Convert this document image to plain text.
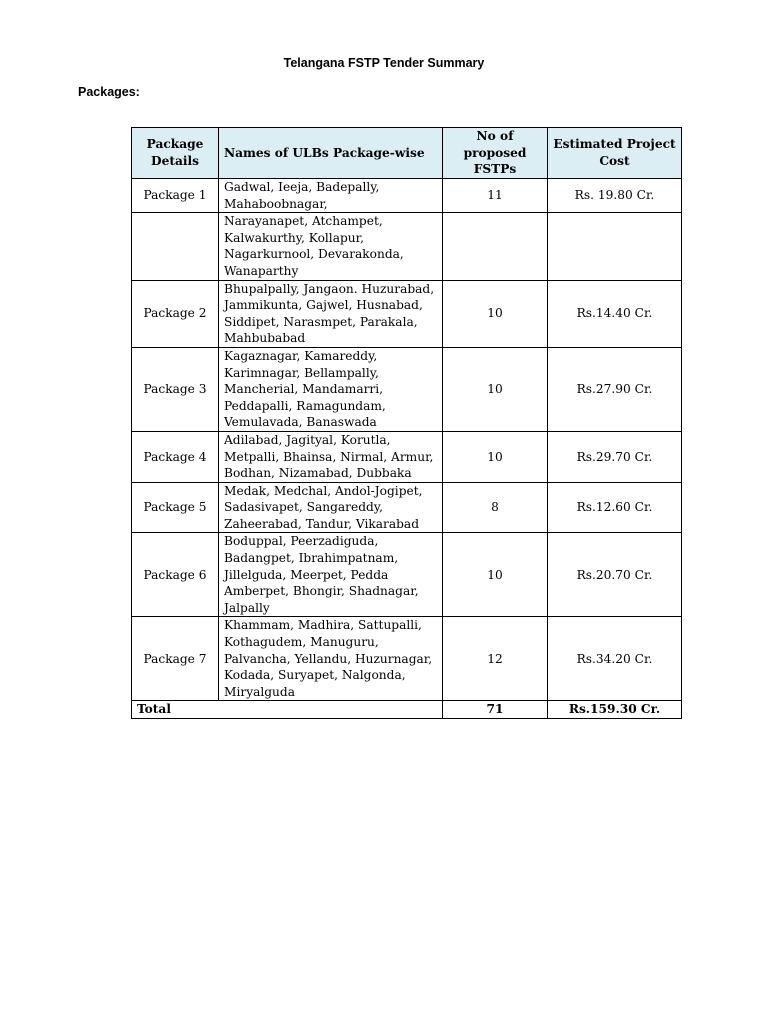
Telangana FSTP Tender Summary
Packages:
Package Details	Names of ULBs Package-wise	No of proposed FSTPs	Estimated Project Cost
Package 1	Gadwal, Ieeja, Badepally, Mahaboobnagar,	11	Rs. 19.80 Cr.
	Narayanapet, Atchampet, Kalwakurthy, Kollapur, Nagarkurnool, Devarakonda, Wanaparthy		
Package 2	Bhupalpally, Jangaon. Huzurabad, Jammikunta, Gajwel, Husnabad, Siddipet, Narasmpet, Parakala, Mahbubabad	10	Rs.14.40 Cr.
Package 3	Kagaznagar, Kamareddy, Karimnagar, Bellampally, Mancherial, Mandamarri, Peddapalli, Ramagundam, Vemulavada, Banaswada	10	Rs.27.90 Cr.
Package 4	Adilabad, Jagityal, Korutla, Metpalli, Bhainsa, Nirmal, Armur, Bodhan, Nizamabad, Dubbaka	10	Rs.29.70 Cr.
Package 5	Medak, Medchal, Andol-Jogipet, Sadasivapet, Sangareddy, Zaheerabad, Tandur, Vikarabad	8	Rs.12.60 Cr.
Package 6	Boduppal, Peerzadiguda, Badangpet, Ibrahimpatnam, Jillelguda, Meerpet, Pedda Amberpet, Bhongir, Shadnagar, Jalpally	10	Rs.20.70 Cr.
Package 7	Khammam, Madhira, Sattupalli, Kothagudem, Manuguru, Palvancha, Yellandu, Huzurnagar, Kodada, Suryapet, Nalgonda, Miryalguda	12	Rs.34.20 Cr.
Total		71	Rs.159.30 Cr.
